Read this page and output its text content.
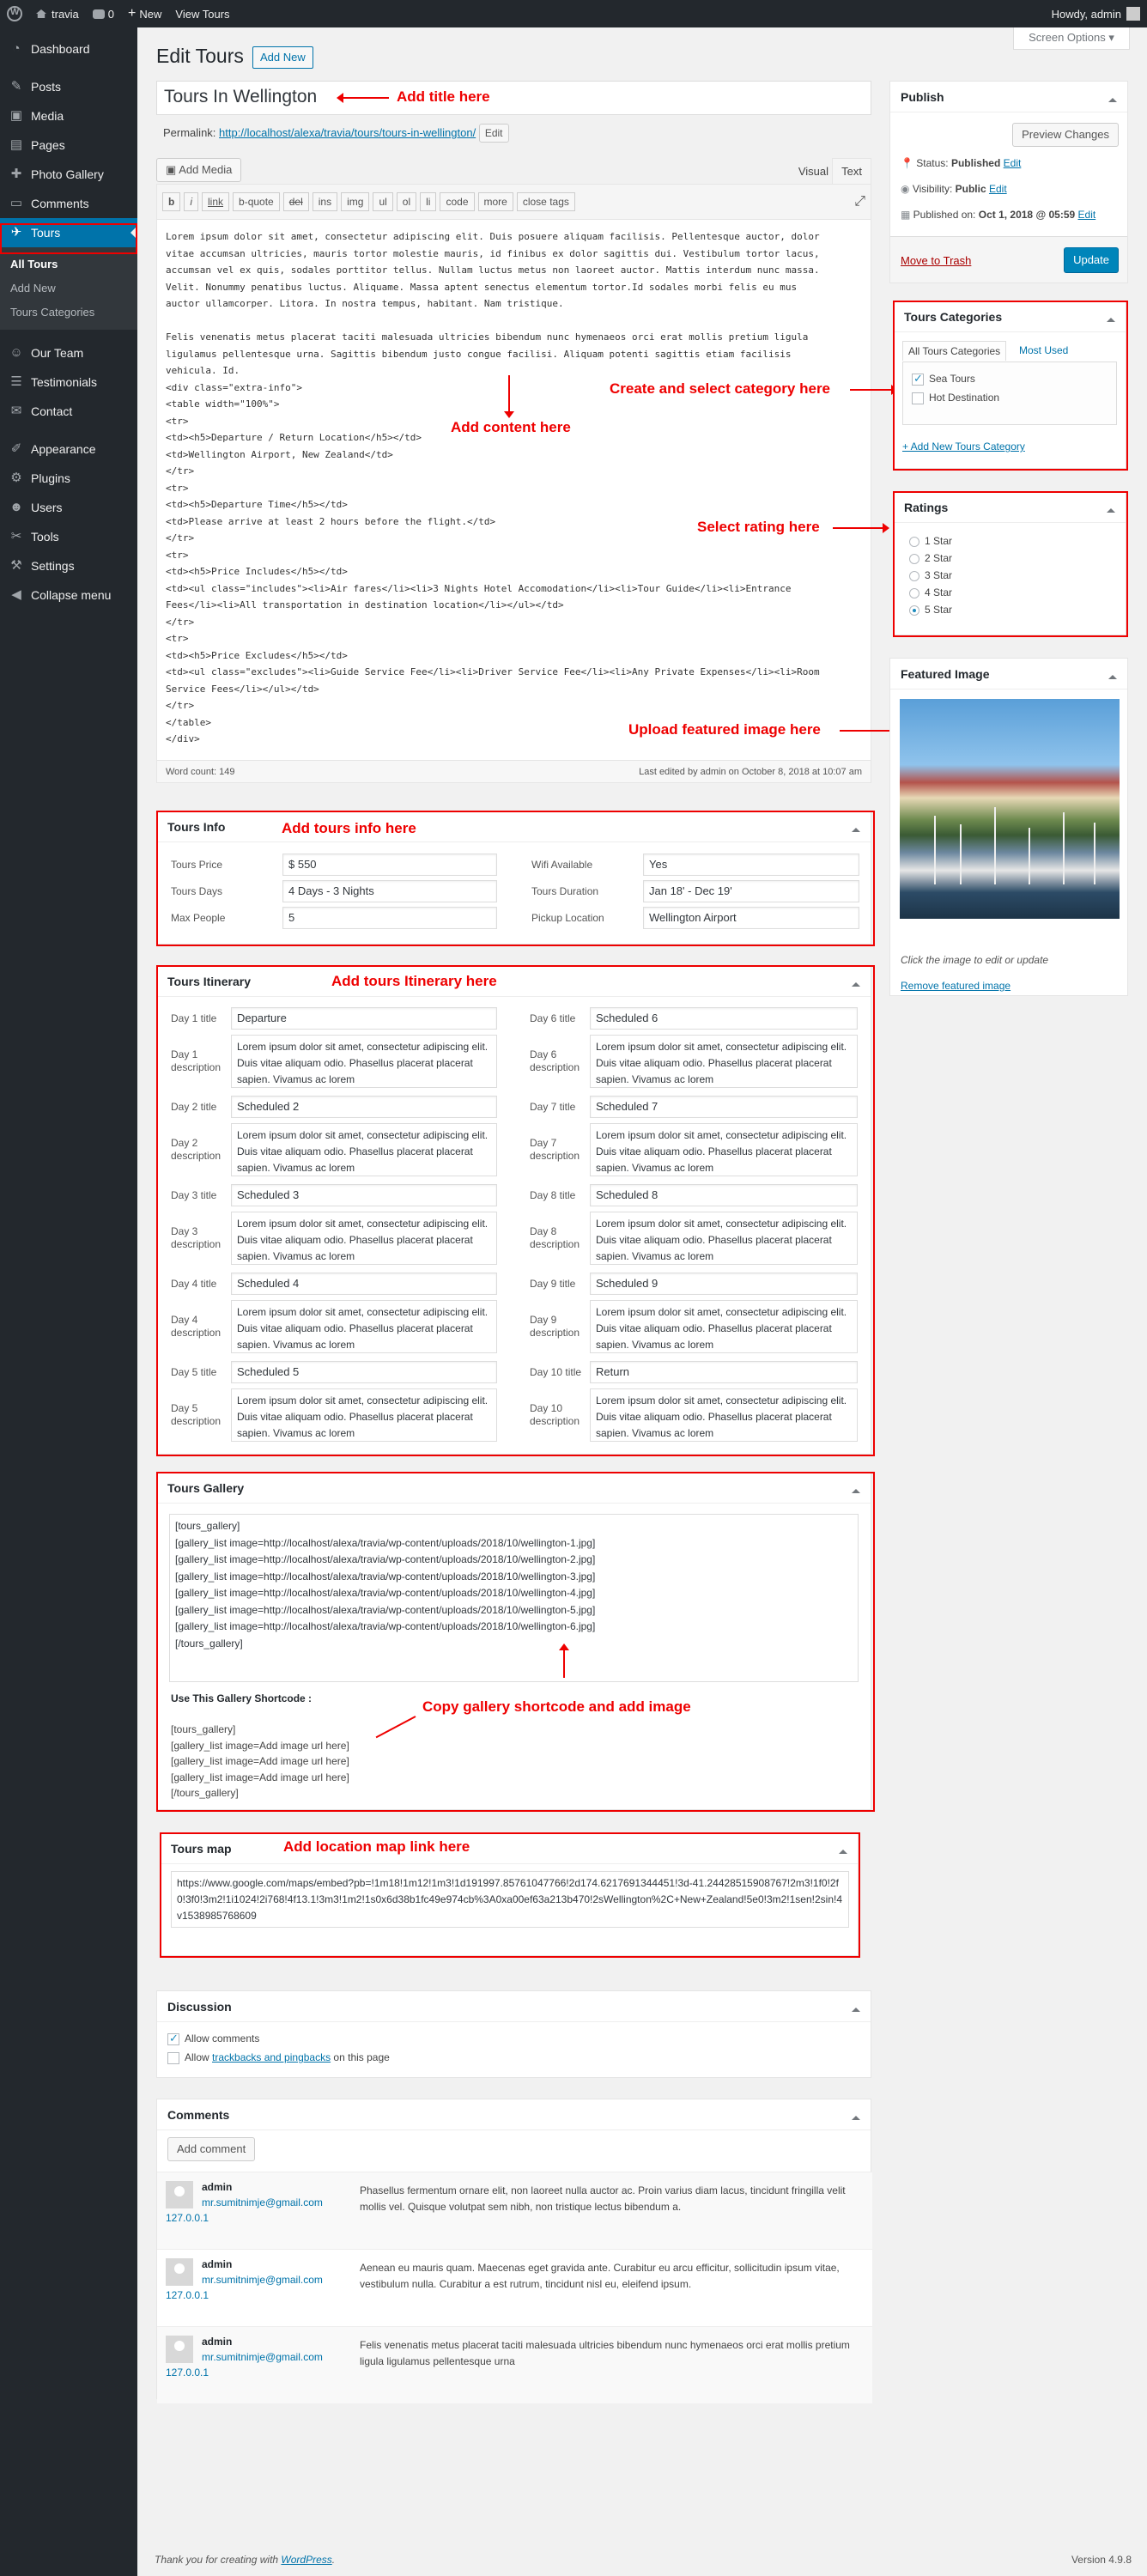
W
travia	0 + New View Tours	Howdy, admin
◔ Dashboard
✎ Posts
▣ Media
▤ Pages
✚ Photo Gallery
▭ Comments
✈ Tours
All Tours
Add New
Tours Categories
☺ Our Team
☰ Testimonials
✉ Contact
✐ Appearance
⚙ Plugins
☻ Users
✂ Tools
⚒ Settings
◀ Collapse menu
Screen Options ▾
Edit Tours	Add New
Tours In Wellington	Add title here
Permalink: http://localhost/alexa/travia/tours/tours-in-wellington/ Edit
▣ Add Media	Visual	Text
b	i	link	b-quote	del	ins	img	ul	ol	li	code	more	close tags	⤢
Lorem ipsum dolor sit amet, consectetur adipiscing elit. Duis posuere aliquam facilisis. Pellentesque auctor, dolor
vitae accumsan ultricies, mauris tortor molestie mauris, id finibus ex dolor sagittis dui. Vestibulum tortor lacus,
accumsan vel ex quis, sodales porttitor tellus. Nullam luctus metus non laoreet auctor. Mattis interdum nunc massa.
Velit. Nonummy penatibus luctus. Aliquame. Massa aptent senectus elementum tortor.Id sodales morbi felis eu mus
auctor ullamcorper. Litora. In nostra tempus, habitant. Nam tristique.

Felis venenatis metus placerat taciti malesuada ultricies bibendum nunc hymenaeos orci erat mollis pretium ligula
ligulamus pellentesque urna. Sagittis bibendum justo congue facilisi. Aliquam potenti sagittis etiam facilisis
vehicula. Id.
<div class="extra-info">
<table width="100%">
<tr>
<td><h5>Departure / Return Location</h5></td>
<td>Wellington Airport, New Zealand</td>
</tr>
<tr>
<td><h5>Departure Time</h5></td>
<td>Please arrive at least 2 hours before the flight.</td>
</tr>
<tr>
<td><h5>Price Includes</h5></td>
<td><ul class="includes"><li>Air fares</li><li>3 Nights Hotel Accomodation</li><li>Tour Guide</li><li>Entrance
Fees</li><li>All transportation in destination location</li></ul></td>
</tr>
<tr>
<td><h5>Price Excludes</h5></td>
<td><ul class="excludes"><li>Guide Service Fee</li><li>Driver Service Fee</li><li>Any Private Expenses</li><li>Room
Service Fees</li></ul></td>
</tr>
</table>
</div>
Word count: 149	Last edited by admin on October 8, 2018 at 10:07 am
Add content here
Create and select category here
Select rating here
Upload featured image here
Tours Info
Tours Price	$ 550
Tours Days	4 Days - 3 Nights
Max People	5
Wifi Available	Yes
Tours Duration	Jan 18' - Dec 19'
Pickup Location	Wellington Airport
Add tours info here
Tours Itinerary
Day 1 title	Departure
Day 1 description
Lorem ipsum dolor sit amet, consectetur adipiscing elit. Duis vitae aliquam odio. Phasellus placerat placerat sapien. Vivamus ac lorem
Day 2 title	Scheduled 2
Day 2 description
Lorem ipsum dolor sit amet, consectetur adipiscing elit. Duis vitae aliquam odio. Phasellus placerat placerat sapien. Vivamus ac lorem
Day 3 title	Scheduled 3
Day 3 description
Lorem ipsum dolor sit amet, consectetur adipiscing elit. Duis vitae aliquam odio. Phasellus placerat placerat sapien. Vivamus ac lorem
Day 4 title	Scheduled 4
Day 4 description
Lorem ipsum dolor sit amet, consectetur adipiscing elit. Duis vitae aliquam odio. Phasellus placerat placerat sapien. Vivamus ac lorem
Day 5 title	Scheduled 5
Day 5 description
Lorem ipsum dolor sit amet, consectetur adipiscing elit. Duis vitae aliquam odio. Phasellus placerat placerat sapien. Vivamus ac lorem
Day 6 title	Scheduled 6
Day 6 description
Lorem ipsum dolor sit amet, consectetur adipiscing elit. Duis vitae aliquam odio. Phasellus placerat placerat sapien. Vivamus ac lorem
Day 7 title	Scheduled 7
Day 7 description
Lorem ipsum dolor sit amet, consectetur adipiscing elit. Duis vitae aliquam odio. Phasellus placerat placerat sapien. Vivamus ac lorem
Day 8 title	Scheduled 8
Day 8 description
Lorem ipsum dolor sit amet, consectetur adipiscing elit. Duis vitae aliquam odio. Phasellus placerat placerat sapien. Vivamus ac lorem
Day 9 title	Scheduled 9
Day 9 description
Lorem ipsum dolor sit amet, consectetur adipiscing elit. Duis vitae aliquam odio. Phasellus placerat placerat sapien. Vivamus ac lorem
Day 10 title	Return
Day 10 description
Lorem ipsum dolor sit amet, consectetur adipiscing elit. Duis vitae aliquam odio. Phasellus placerat placerat sapien. Vivamus ac lorem
Add tours Itinerary here
Tours Gallery
[tours_gallery]
[gallery_list image=http://localhost/alexa/travia/wp-content/uploads/2018/10/wellington-1.jpg]
[gallery_list image=http://localhost/alexa/travia/wp-content/uploads/2018/10/wellington-2.jpg]
[gallery_list image=http://localhost/alexa/travia/wp-content/uploads/2018/10/wellington-3.jpg]
[gallery_list image=http://localhost/alexa/travia/wp-content/uploads/2018/10/wellington-4.jpg]
[gallery_list image=http://localhost/alexa/travia/wp-content/uploads/2018/10/wellington-5.jpg]
[gallery_list image=http://localhost/alexa/travia/wp-content/uploads/2018/10/wellington-6.jpg]
[/tours_gallery]
Use This Gallery Shortcode :
[tours_gallery]
[gallery_list image=Add image url here]
[gallery_list image=Add image url here]
[gallery_list image=Add image url here]
[/tours_gallery]
Copy gallery shortcode and add image
Tours map
https://www.google.com/maps/embed?pb=!1m18!1m12!1m3!1d191997.85761047766!2d174.6217691344451!3d-41.24428515908767!2m3!1f0!2f0!3f0!3m2!1i1024!2i768!4f13.1!3m3!1m2!1s0x6d38b1fc49e974cb%3A0xa00ef63a213b470!2sWellington%2C+New+Zealand!5e0!3m2!1sen!2sin!4v1538985768609
Add location map link here
Discussion
✓Allow comments
Allow trackbacks and pingbacks on this page
Comments
Add comment
admin
mr.sumitnimje@gmail.com
127.0.0.1
Phasellus fermentum ornare elit, non laoreet nulla auctor ac. Proin varius diam lacus, tincidunt fringilla velit mollis vel. Quisque volutpat sem nibh, non tristique lectus bibendum a.
admin
mr.sumitnimje@gmail.com
127.0.0.1
Aenean eu mauris quam. Maecenas eget gravida ante. Curabitur eu arcu efficitur, sollicitudin ipsum vitae, vestibulum nulla. Curabitur a est rutrum, tincidunt nisl eu, eleifend ipsum.
admin
mr.sumitnimje@gmail.com
127.0.0.1
Felis venenatis metus placerat taciti malesuada ultricies bibendum nunc hymenaeos orci erat mollis pretium ligula ligulamus pellentesque urna
Publish
Preview Changes
📍 Status: Published Edit
◉ Visibility: Public Edit
▦ Published on: Oct 1, 2018 @ 05:59 Edit
Move to Trash	Update
Tours Categories
All Tours Categories	Most Used
✓Sea Tours
Hot Destination
+ Add New Tours Category
Ratings
1 Star
2 Star
3 Star
4 Star
5 Star
Featured Image
Click the image to edit or update
Remove featured image
Thank you for creating with WordPress.	Version 4.9.8
